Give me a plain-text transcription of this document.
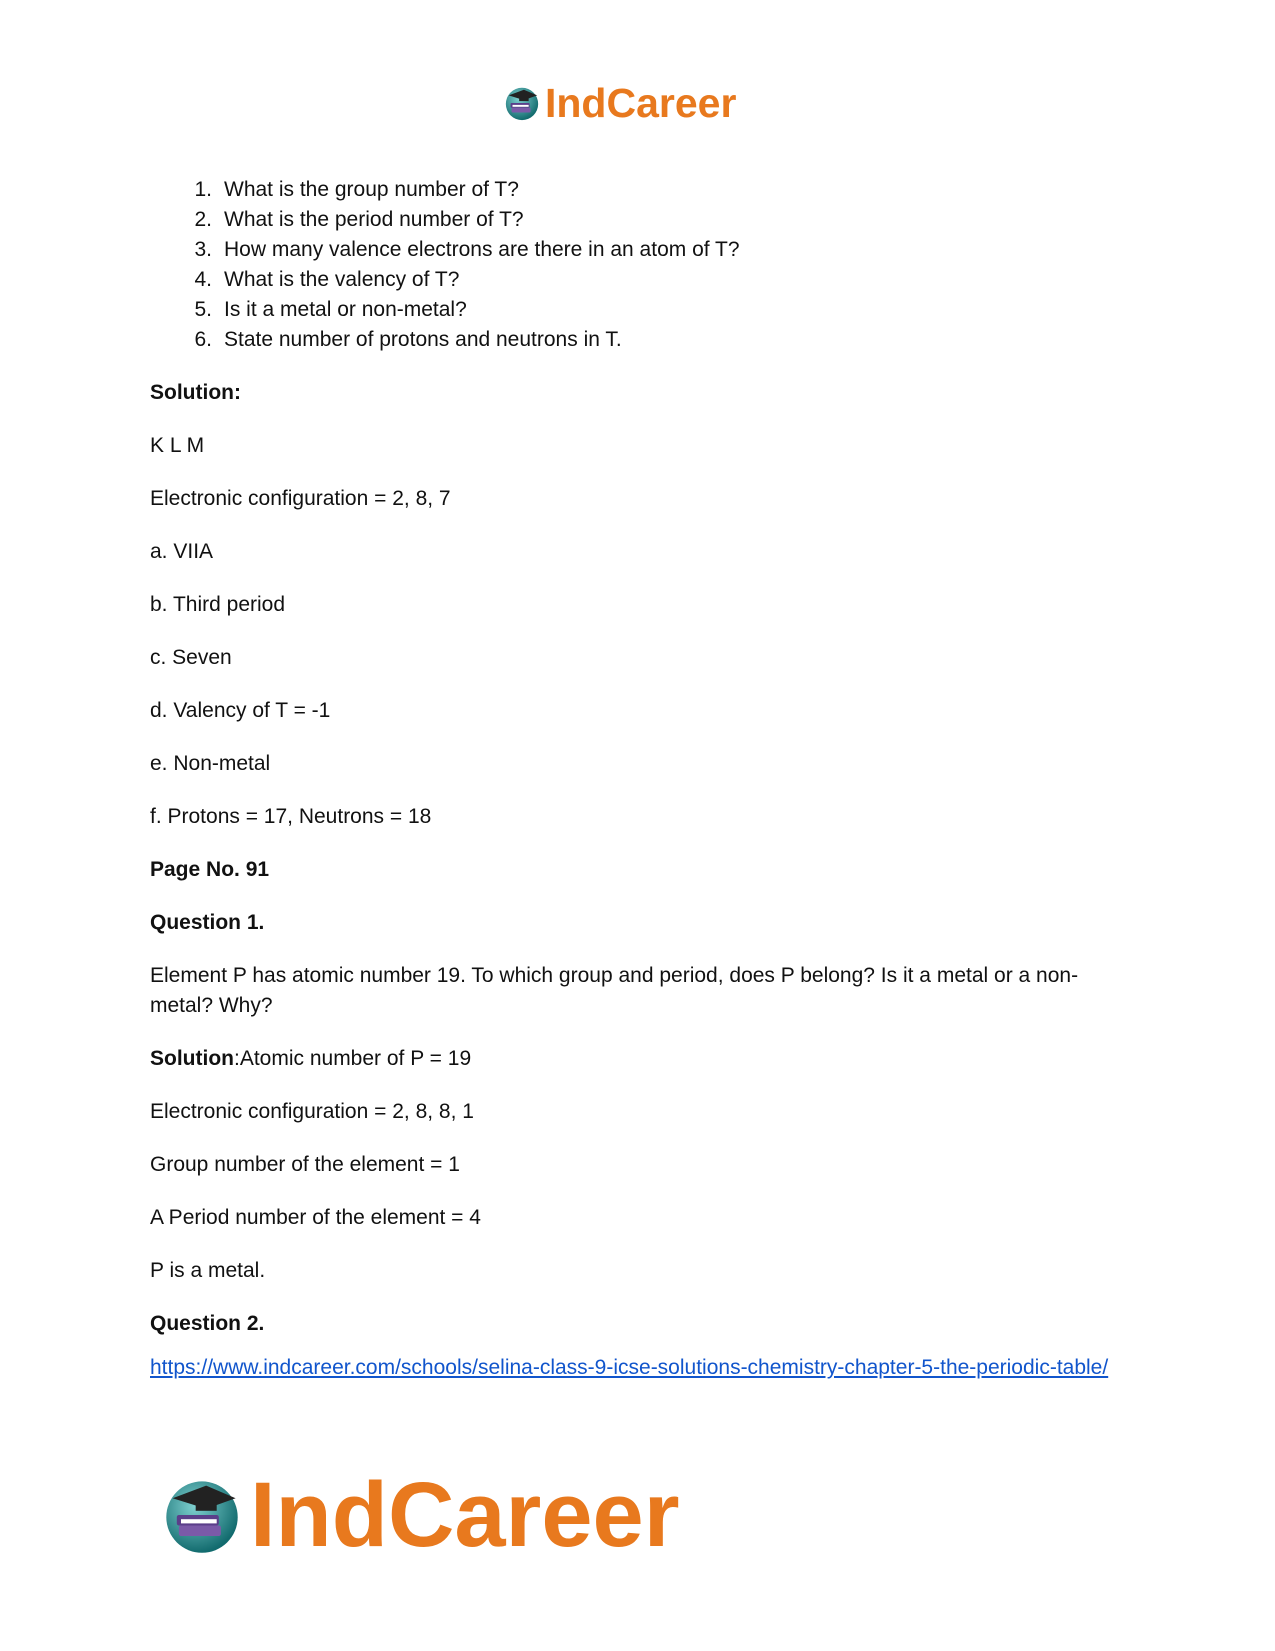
IndCareer
1. What is the group number of T?
2. What is the period number of T?
3. How many valence electrons are there in an atom of T?
4. What is the valency of T?
5. Is it a metal or non-metal?
6. State number of protons and neutrons in T.
Solution:
K L M
Electronic configuration = 2, 8, 7
a. VIIA
b. Third period
c. Seven
d. Valency of T = -1
e. Non-metal
f. Protons = 17, Neutrons = 18
Page No. 91
Question 1.
Element P has atomic number 19. To which group and period, does P belong? Is it a metal or a non-metal? Why?
Solution:Atomic number of P = 19
Electronic configuration = 2, 8, 8, 1
Group number of the element = 1
A Period number of the element = 4
P is a metal.
Question 2.
https://www.indcareer.com/schools/selina-class-9-icse-solutions-chemistry-chapter-5-the-periodic-table/
IndCareer
